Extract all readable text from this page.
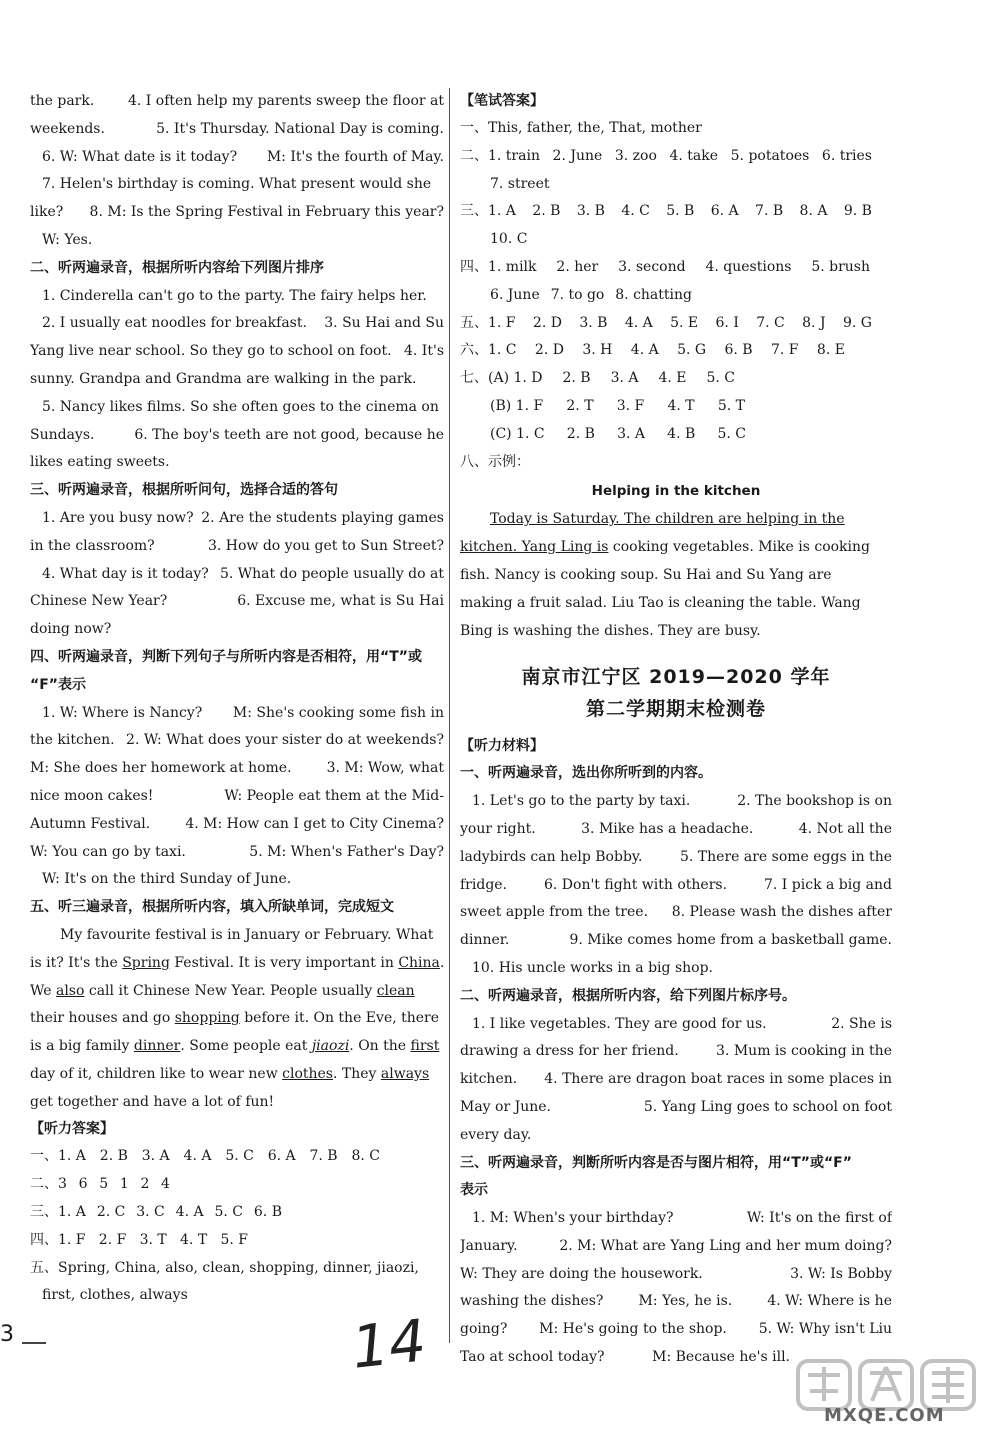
the park. 4. I often help my parents sweep the floor at

weekends.	5. It's Thursday. National Day is coming.

6. W: What date is it today? M: It's the fourth of May.

7. Helen's birthday is coming. What present would she

like? 8. M: Is the Spring Festival in February this year?

W: Yes.

二、听两遍录音，根据所听内容给下列图片排序

1. Cinderella can't go to the party. The fairy helps her.

2. I usually eat noodles for breakfast. 3. Su Hai and Su

Yang live near school. So they go to school on foot. 4. It's

sunny. Grandpa and Grandma are walking in the park.

5. Nancy likes films. So she often goes to the cinema on

Sundays.	6. The boy's teeth are not good, because he

likes eating sweets.

三、听两遍录音，根据所听问句，选择合适的答句

1. Are you busy now? 2. Are the students playing games

in the classroom?	3. How do you get to Sun Street?

4. What day is it today? 5. What do people usually do at

Chinese New Year?	6. Excuse me, what is Su Hai

doing now?

四、听两遍录音，判断下列句子与所听内容是否相符，用“T”或

“F”表示

1. W: Where is Nancy? M: She's cooking some fish in

the kitchen. 2. W: What does your sister do at weekends?

M: She does her homework at home.	3. M: Wow, what

nice moon cakes!	W: People eat them at the Mid-

Autumn Festival.	4. M: How can I get to City Cinema?

W: You can go by taxi.	5. M: When's Father's Day?

W: It's on the third Sunday of June.

五、听三遍录音，根据所听内容，填入所缺单词，完成短文

My favourite festival is in January or February. What

is it? It's the Spring Festival. It is very important in China .

We also call it Chinese New Year. People usually clean

their houses and go shopping before it. On the Eve, there

is a big family dinner . Some people eat jiaozi . On the first

day of it, children like to wear new clothes . They always

get together and have a lot of fun!

【听力答案】

一、1. A 2. B 3. A 4. A 5. C 6. A 7. B 8. C

二、3 6 5 1 2 4

三、1. A 2. C 3. C 4. A 5. C 6. B

四、1. F 2. F 3. T 4. T 5. F

五、Spring, China, also, clean, shopping, dinner, jiaozi,

first, clothes, always

【笔试答案】

一、This, father, the, That, mother

二、1. train 2. June 3. zoo 4. take 5. potatoes 6. tries

7. street

三、1. A 2. B 3. B 4. C 5. B 6. A 7. B 8. A 9. B

10. C

四、1. milk 2. her 3. second 4. questions 5. brush

6. June 7. to go 8. chatting

五、1. F 2. D 3. B 4. A 5. E 6. I 7. C 8. J 9. G

六、1. C 2. D 3. H 4. A 5. G 6. B 7. F 8. E

七、(A) 1. D 2. B 3. A 4. E 5. C

(B) 1. F 2. T 3. F 4. T 5. T

(C) 1. C 2. B 3. A 4. B 5. C

八、示例：

Helping in the kitchen

Today is Saturday. The children are helping in the

kitchen. Yang Ling is cooking vegetables. Mike is cooking

fish. Nancy is cooking soup. Su Hai and Su Yang are

making a fruit salad. Liu Tao is cleaning the table. Wang

Bing is washing the dishes. They are busy.

南京市江宁区 2019—2020 学年

第二学期期末检测卷

【听力材料】

一、听两遍录音，选出你所听到的内容。

1. Let's go to the party by taxi.	2. The bookshop is on

your right.	3. Mike has a headache.	4. Not all the

ladybirds can help Bobby.	5. There are some eggs in the

fridge.	6. Don't fight with others.	7. I pick a big and

sweet apple from the tree. 8. Please wash the dishes after

dinner.	9. Mike comes home from a basketball game.

10. His uncle works in a big shop.

二、听两遍录音，根据所听内容，给下列图片标序号。

1. I like vegetables. They are good for us.	2. She is

drawing a dress for her friend.	3. Mum is cooking in the

kitchen. 4. There are dragon boat races in some places in

May or June.	5. Yang Ling goes to school on foot

every day.

三、听两遍录音，判断所听内容是否与图片相符，用“T”或“F”

表示

1. M: When's your birthday?	W: It's on the first of

January.	2. M: What are Yang Ling and her mum doing?

W: They are doing the housework.	3. W: Is Bobby

washing the dishes?	M: Yes, he is.	4. W: Where is he

going? M: He's going to the shop. 5. W: Why isn't Liu

Tao at school today?	M: Because he's ill.

3	14
MXQE.COM
